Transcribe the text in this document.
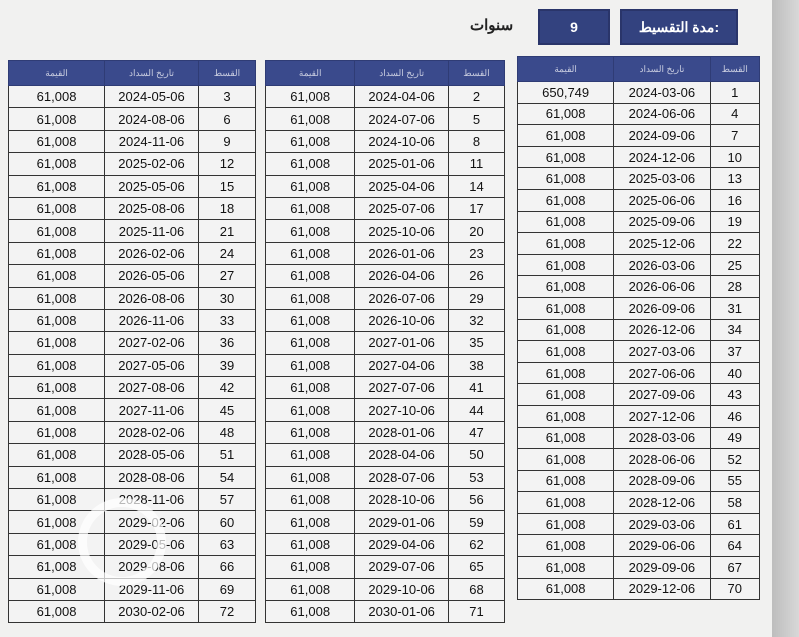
مدة التقسيط:
9
سنوات
القيمة	تاريخ السداد	القسط
61,008	2024-05-06	3
61,008	2024-08-06	6
61,008	2024-11-06	9
61,008	2025-02-06	12
61,008	2025-05-06	15
61,008	2025-08-06	18
61,008	2025-11-06	21
61,008	2026-02-06	24
61,008	2026-05-06	27
61,008	2026-08-06	30
61,008	2026-11-06	33
61,008	2027-02-06	36
61,008	2027-05-06	39
61,008	2027-08-06	42
61,008	2027-11-06	45
61,008	2028-02-06	48
61,008	2028-05-06	51
61,008	2028-08-06	54
61,008	2028-11-06	57
61,008	2029-02-06	60
61,008	2029-05-06	63
61,008	2029-08-06	66
61,008	2029-11-06	69
61,008	2030-02-06	72
القيمة	تاريخ السداد	القسط
61,008	2024-04-06	2
61,008	2024-07-06	5
61,008	2024-10-06	8
61,008	2025-01-06	11
61,008	2025-04-06	14
61,008	2025-07-06	17
61,008	2025-10-06	20
61,008	2026-01-06	23
61,008	2026-04-06	26
61,008	2026-07-06	29
61,008	2026-10-06	32
61,008	2027-01-06	35
61,008	2027-04-06	38
61,008	2027-07-06	41
61,008	2027-10-06	44
61,008	2028-01-06	47
61,008	2028-04-06	50
61,008	2028-07-06	53
61,008	2028-10-06	56
61,008	2029-01-06	59
61,008	2029-04-06	62
61,008	2029-07-06	65
61,008	2029-10-06	68
61,008	2030-01-06	71
القيمة	تاريخ السداد	القسط
650,749	2024-03-06	1
61,008	2024-06-06	4
61,008	2024-09-06	7
61,008	2024-12-06	10
61,008	2025-03-06	13
61,008	2025-06-06	16
61,008	2025-09-06	19
61,008	2025-12-06	22
61,008	2026-03-06	25
61,008	2026-06-06	28
61,008	2026-09-06	31
61,008	2026-12-06	34
61,008	2027-03-06	37
61,008	2027-06-06	40
61,008	2027-09-06	43
61,008	2027-12-06	46
61,008	2028-03-06	49
61,008	2028-06-06	52
61,008	2028-09-06	55
61,008	2028-12-06	58
61,008	2029-03-06	61
61,008	2029-06-06	64
61,008	2029-09-06	67
61,008	2029-12-06	70
